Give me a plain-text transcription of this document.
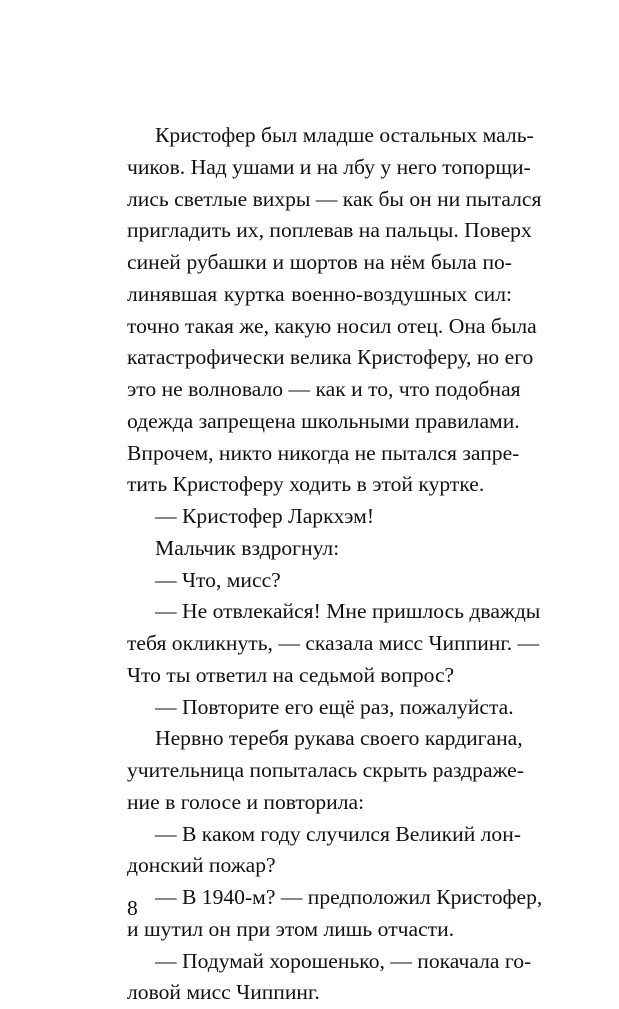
Кристофер был младше остальных маль-
чиков. Над ушами и на лбу у него топорщи-
лись светлые вихры — как бы он ни пытался
пригладить их, поплевав на пальцы. Поверх
синей рубашки и шортов на нём была по-
линявшая куртка военно-воздушных сил:
точно такая же, какую носил отец. Она была
катастрофически велика Кристоферу, но его
это не волновало — как и то, что подобная
одежда запрещена школьными правилами.
Впрочем, никто никогда не пытался запре-
тить Кристоферу ходить в этой куртке.
— Кристофер Ларкхэм!
Мальчик вздрогнул:
— Что, мисс?
— Не отвлекайся! Мне пришлось дважды
тебя окликнуть, — сказала мисс Чиппинг. —
Что ты ответил на седьмой вопрос?
— Повторите его ещё раз, пожалуйста.
Нервно теребя рукава своего кардигана,
учительница попыталась скрыть раздраже-
ние в голосе и повторила:
— В каком году случился Великий лон-
донский пожар?
— В 1940-м? — предположил Кристофер,
и шутил он при этом лишь отчасти.
— Подумай хорошенько, — покачала го-
ловой мисс Чиппинг.
8
